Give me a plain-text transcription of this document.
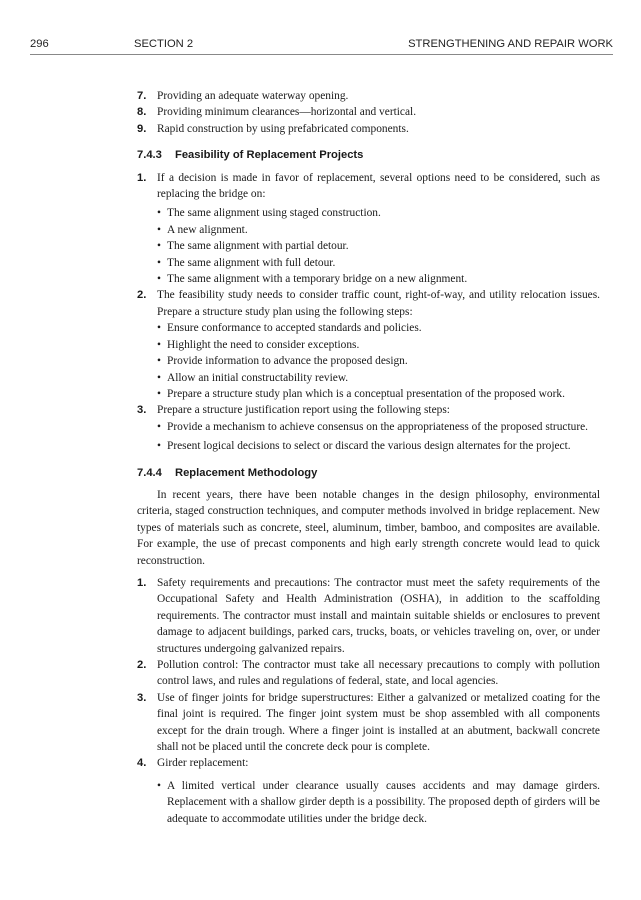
296	SECTION 2	STRENGTHENING AND REPAIR WORK
7. Providing an adequate waterway opening.
8. Providing minimum clearances—horizontal and vertical.
9. Rapid construction by using prefabricated components.

7.4.3 Feasibility of Replacement Projects

1. If a decision is made in favor of replacement, several options need to be considered, such as replacing the bridge on:
• The same alignment using staged construction.
• A new alignment.
• The same alignment with partial detour.
• The same alignment with full detour.
• The same alignment with a temporary bridge on a new alignment.
2. The feasibility study needs to consider traffic count, right-of-way, and utility relocation issues. Prepare a structure study plan using the following steps:
• Ensure conformance to accepted standards and policies.
• Highlight the need to consider exceptions.
• Provide information to advance the proposed design.
• Allow an initial constructability review.
• Prepare a structure study plan which is a conceptual presentation of the proposed work.
3. Prepare a structure justification report using the following steps:
• Provide a mechanism to achieve consensus on the appropriateness of the proposed structure.
• Present logical decisions to select or discard the various design alternates for the project.

7.4.4 Replacement Methodology

In recent years, there have been notable changes in the design philosophy, environmental criteria, staged construction techniques, and computer methods involved in bridge replacement. New types of materials such as concrete, steel, aluminum, timber, bamboo, and composites are available. For example, the use of precast components and high early strength concrete would lead to quick reconstruction.

1. Safety requirements and precautions: The contractor must meet the safety requirements of the Occupational Safety and Health Administration (OSHA), in addition to the scaffolding requirements. The contractor must install and maintain suitable shields or enclosures to prevent damage to adjacent buildings, parked cars, trucks, boats, or vehicles traveling on, over, or under structures undergoing galvanized repairs.
2. Pollution control: The contractor must take all necessary precautions to comply with pollution control laws, and rules and regulations of federal, state, and local agencies.
3. Use of finger joints for bridge superstructures: Either a galvanized or metalized coating for the final joint is required. The finger joint system must be shop assembled with all components except for the drain trough. Where a finger joint is installed at an abutment, backwall concrete shall not be placed until the concrete deck pour is complete.
4. Girder replacement:
• A limited vertical under clearance usually causes accidents and may damage girders. Replacement with a shallow girder depth is a possibility. The proposed depth of girders will be adequate to accommodate utilities under the bridge deck.
